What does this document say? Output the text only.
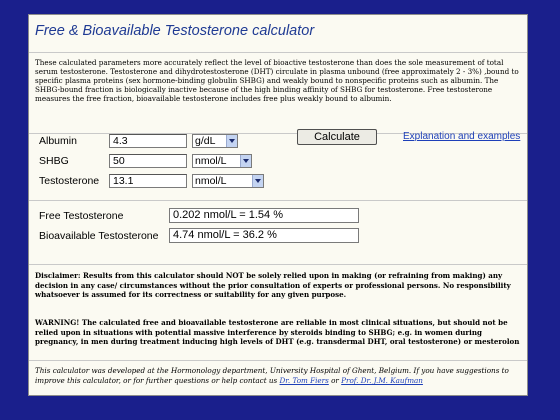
Free & Bioavailable Testosterone calculator
These calculated parameters more accurately reflect the level of bioactive testosterone than does the sole measurement of total serum testosterone. Testosterone and dihydrotestosterone (DHT) circulate in plasma unbound (free approximately 2 - 3%) ,bound to specific plasma proteins (sex hormone-binding globulin SHBG) and weakly bound to nonspecific proteins such as albumin. The SHBG-bound fraction is biologically inactive because of the high binding affinity of SHBG for testosterone. Free testosterone measures the free fraction, bioavailable testosterone includes free plus weakly bound to albumin.
Albumin	4.3	g/dL
SHBG	50	nmol/L
Testosterone	13.1	nmol/L
Calculate	Explanation and examples
Free Testosterone	0.202 nmol/L = 1.54 %
Bioavailable Testosterone	4.74 nmol/L = 36.2 %
Disclaimer: Results from this calculator should NOT be solely relied upon in making (or refraining from making) any decision in any case/ circumstances without the prior consultation of experts or professional persons. No responsibility whatsoever is assumed for its correctness or suitability for any given purpose.
WARNING! The calculated free and bioavailable testosterone are reliable in most clinical situations, but should not be relied upon in situations with potential massive interference by steroids binding to SHBG; e.g. in women during pregnancy, in men during treatment inducing high levels of DHT (e.g. transdermal DHT, oral testosterone) or mesterolon
This calculator was developed at the Hormonology department, University Hospital of Ghent, Belgium. If you have suggestions to improve this calculator, or for further questions or help contact us Dr. Tom Fiers or Prof. Dr. J.M. Kaufman
